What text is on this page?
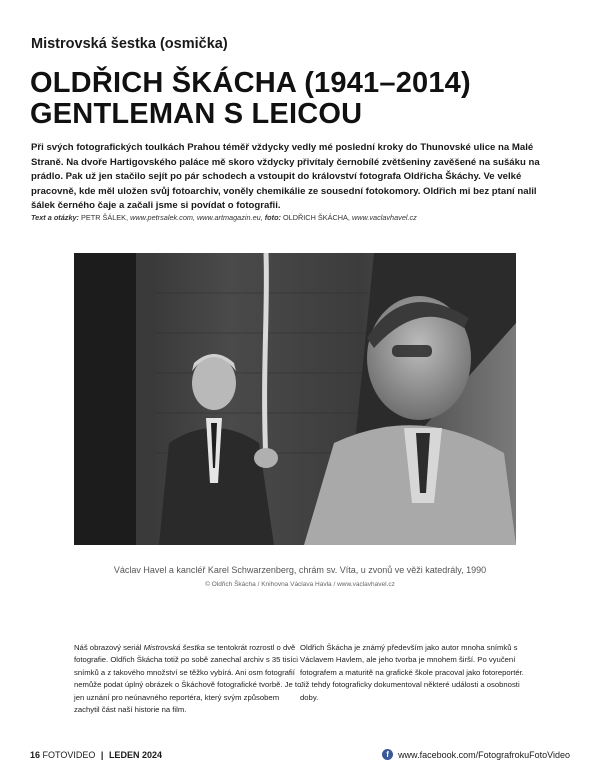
Mistrovská šestka (osmička)
OLDŘICH ŠKÁCHA (1941–2014)
GENTLEMAN S LEICOU

Při svých fotografických toulkách Prahou téměř vždycky vedly mé poslední kroky do Thunovské ulice na Malé Straně. Na dvoře Hartigovského paláce mě skoro vždycky přivítaly černobílé zvětšeniny zavěšené na sušáku na prádlo. Pak už jen stačilo sejít po pár schodech a vstoupit do království fotografa Oldřicha Škáchy. Ve velké pracovně, kde měl uložen svůj fotoarchiv, voněly chemikálie ze sousední fotokomory. Oldřich mi bez ptaní nalil šálek černého čaje a začali jsme si povídat o fotografii.

Text a otázky: PETR ŠÁLEK, www.petrsalek.com, www.artmagazin.eu, foto: OLDŘICH ŠKÁCHA, www.vaclavhavel.cz
Václav Havel a kancléř Karel Schwarzenberg, chrám sv. Víta, u zvonů ve věži katedrály, 1990
© Oldřich Škácha / Knihovna Václava Havla / www.vaclavhavel.cz

Náš obrazový seriál Mistrovská šestka se tentokrát rozrostl o dvě fotografie. Oldřich Škácha totiž po sobě zanechal archiv s 35 tisíci snímků a z takového množství se těžko vybírá. Ani osm fotografií nemůže podat úplný obrázek o Škáchově fotografické tvorbě. Je to jen uznání pro neúnavného reportéra, který svým způsobem zachytil část naší historie na film.

Oldřich Škácha je známý především jako autor mnoha snímků s Václavem Havlem, ale jeho tvorba je mnohem širší. Po vyučení fotografem a maturitě na grafické škole pracoval jako fotoreportér. Již tehdy fotograficky dokumentoval některé události a osobnosti doby.

16 FOTOVIDEO | LEDEN 2024	f	www.facebook.com/FotografrokuFotoVideo
